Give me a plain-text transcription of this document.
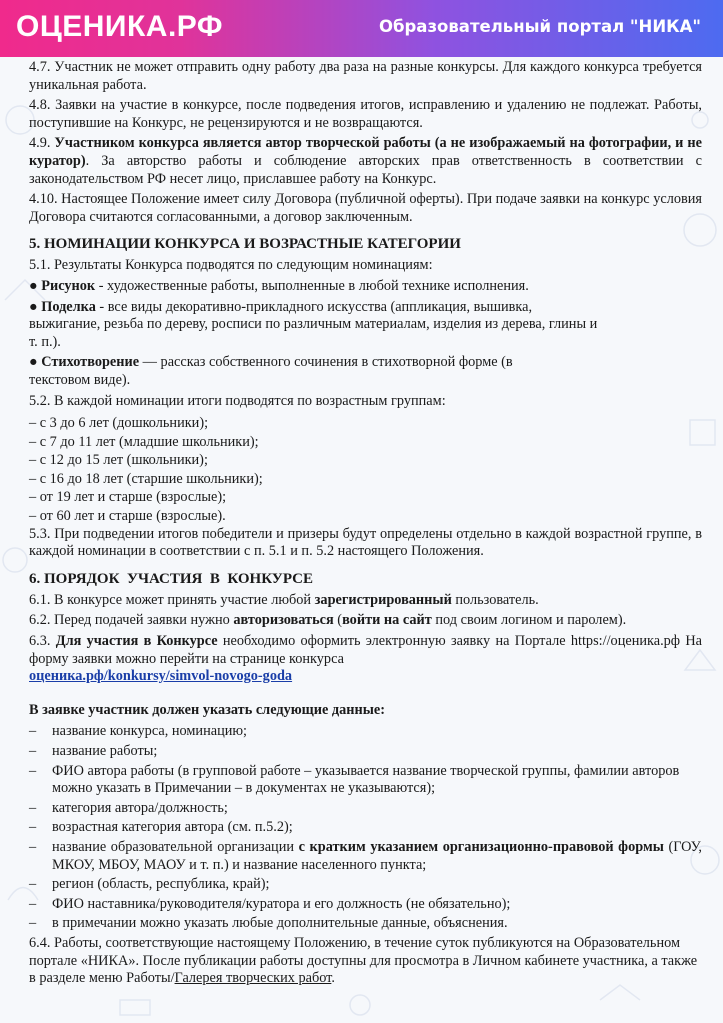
ОЦЕНИКА.РФ	Образовательный портал "НИКА"

4.7. Участник не может отправить одну работу два раза на разные конкурсы. Для каждого конкурса требуется уникальная работа.

4.8. Заявки на участие в конкурсе, после подведения итогов, исправлению и удалению не подлежат. Работы, поступившие на Конкурс, не рецензируются и не возвращаются.

4.9. Участником конкурса является автор творческой работы (а не изображаемый на фотографии, и не куратор). За авторство работы и соблюдение авторских прав ответственность в соответствии с законодательством РФ несет лицо, приславшее работу на Конкурс.

4.10. Настоящее Положение имеет силу Договора (публичной оферты). При подаче заявки на конкурс условия Договора считаются согласованными, а договор заключенным.

5. НОМИНАЦИИ КОНКУРСА И ВОЗРАСТНЫЕ КАТЕГОРИИ

5.1. Результаты Конкурса подводятся по следующим номинациям:

● Рисунок - художественные работы, выполненные в любой технике исполнения.

● Поделка - все виды декоративно-прикладного искусства (аппликация, вышивка, выжигание, резьба по дереву, росписи по различным материалам, изделия из дерева, глины и т. п.).

● Стихотворение — рассказ собственного сочинения в стихотворной форме (в текстовом виде).

5.2. В каждой номинации итоги подводятся по возрастным группам:

– с 3 до 6 лет (дошкольники);

– с 7 до 11 лет (младшие школьники);

– с 12 до 15 лет (школьники);

– с 16 до 18 лет (старшие школьники);

– от 19 лет и старше (взрослые);

– от 60 лет и старше (взрослые).

5.3. При подведении итогов победители и призеры будут определены отдельно в каждой возрастной группе, в каждой номинации в соответствии с п. 5.1 и п. 5.2 настоящего Положения.

6. ПОРЯДОК  УЧАСТИЯ  В  КОНКУРСЕ

6.1. В конкурсе может принять участие любой зарегистрированный пользователь.

6.2. Перед подачей заявки нужно авторизоваться (войти на сайт под своим логином и паролем).

6.3. Для участия в Конкурсе необходимо оформить электронную заявку на Портале https://оценика.рф На форму заявки можно перейти на странице конкурса
оценика.рф/konkursy/simvol-novogo-goda

В заявке участник должен указать следующие данные:

– название конкурса, номинацию;
– название работы;
– ФИО автора работы (в групповой работе – указывается название творческой группы, фамилии авторов можно указать в Примечании – в документах не указываются);
– категория автора/должность;
– возрастная категория автора (см. п.5.2);
– название образовательной организации с кратким указанием организационно-правовой формы (ГОУ, МКОУ, МБОУ, МАОУ и т. п.) и название населенного пункта;
– регион (область, республика, край);
– ФИО наставника/руководителя/куратора и его должность (не обязательно);
– в примечании можно указать любые дополнительные данные, объяснения.

6.4. Работы, соответствующие настоящему Положению, в течение суток публикуются на Образовательном портале «НИКА». После публикации работы доступны для просмотра в Личном кабинете участника, а также в разделе меню Работы/Галерея творческих работ.
